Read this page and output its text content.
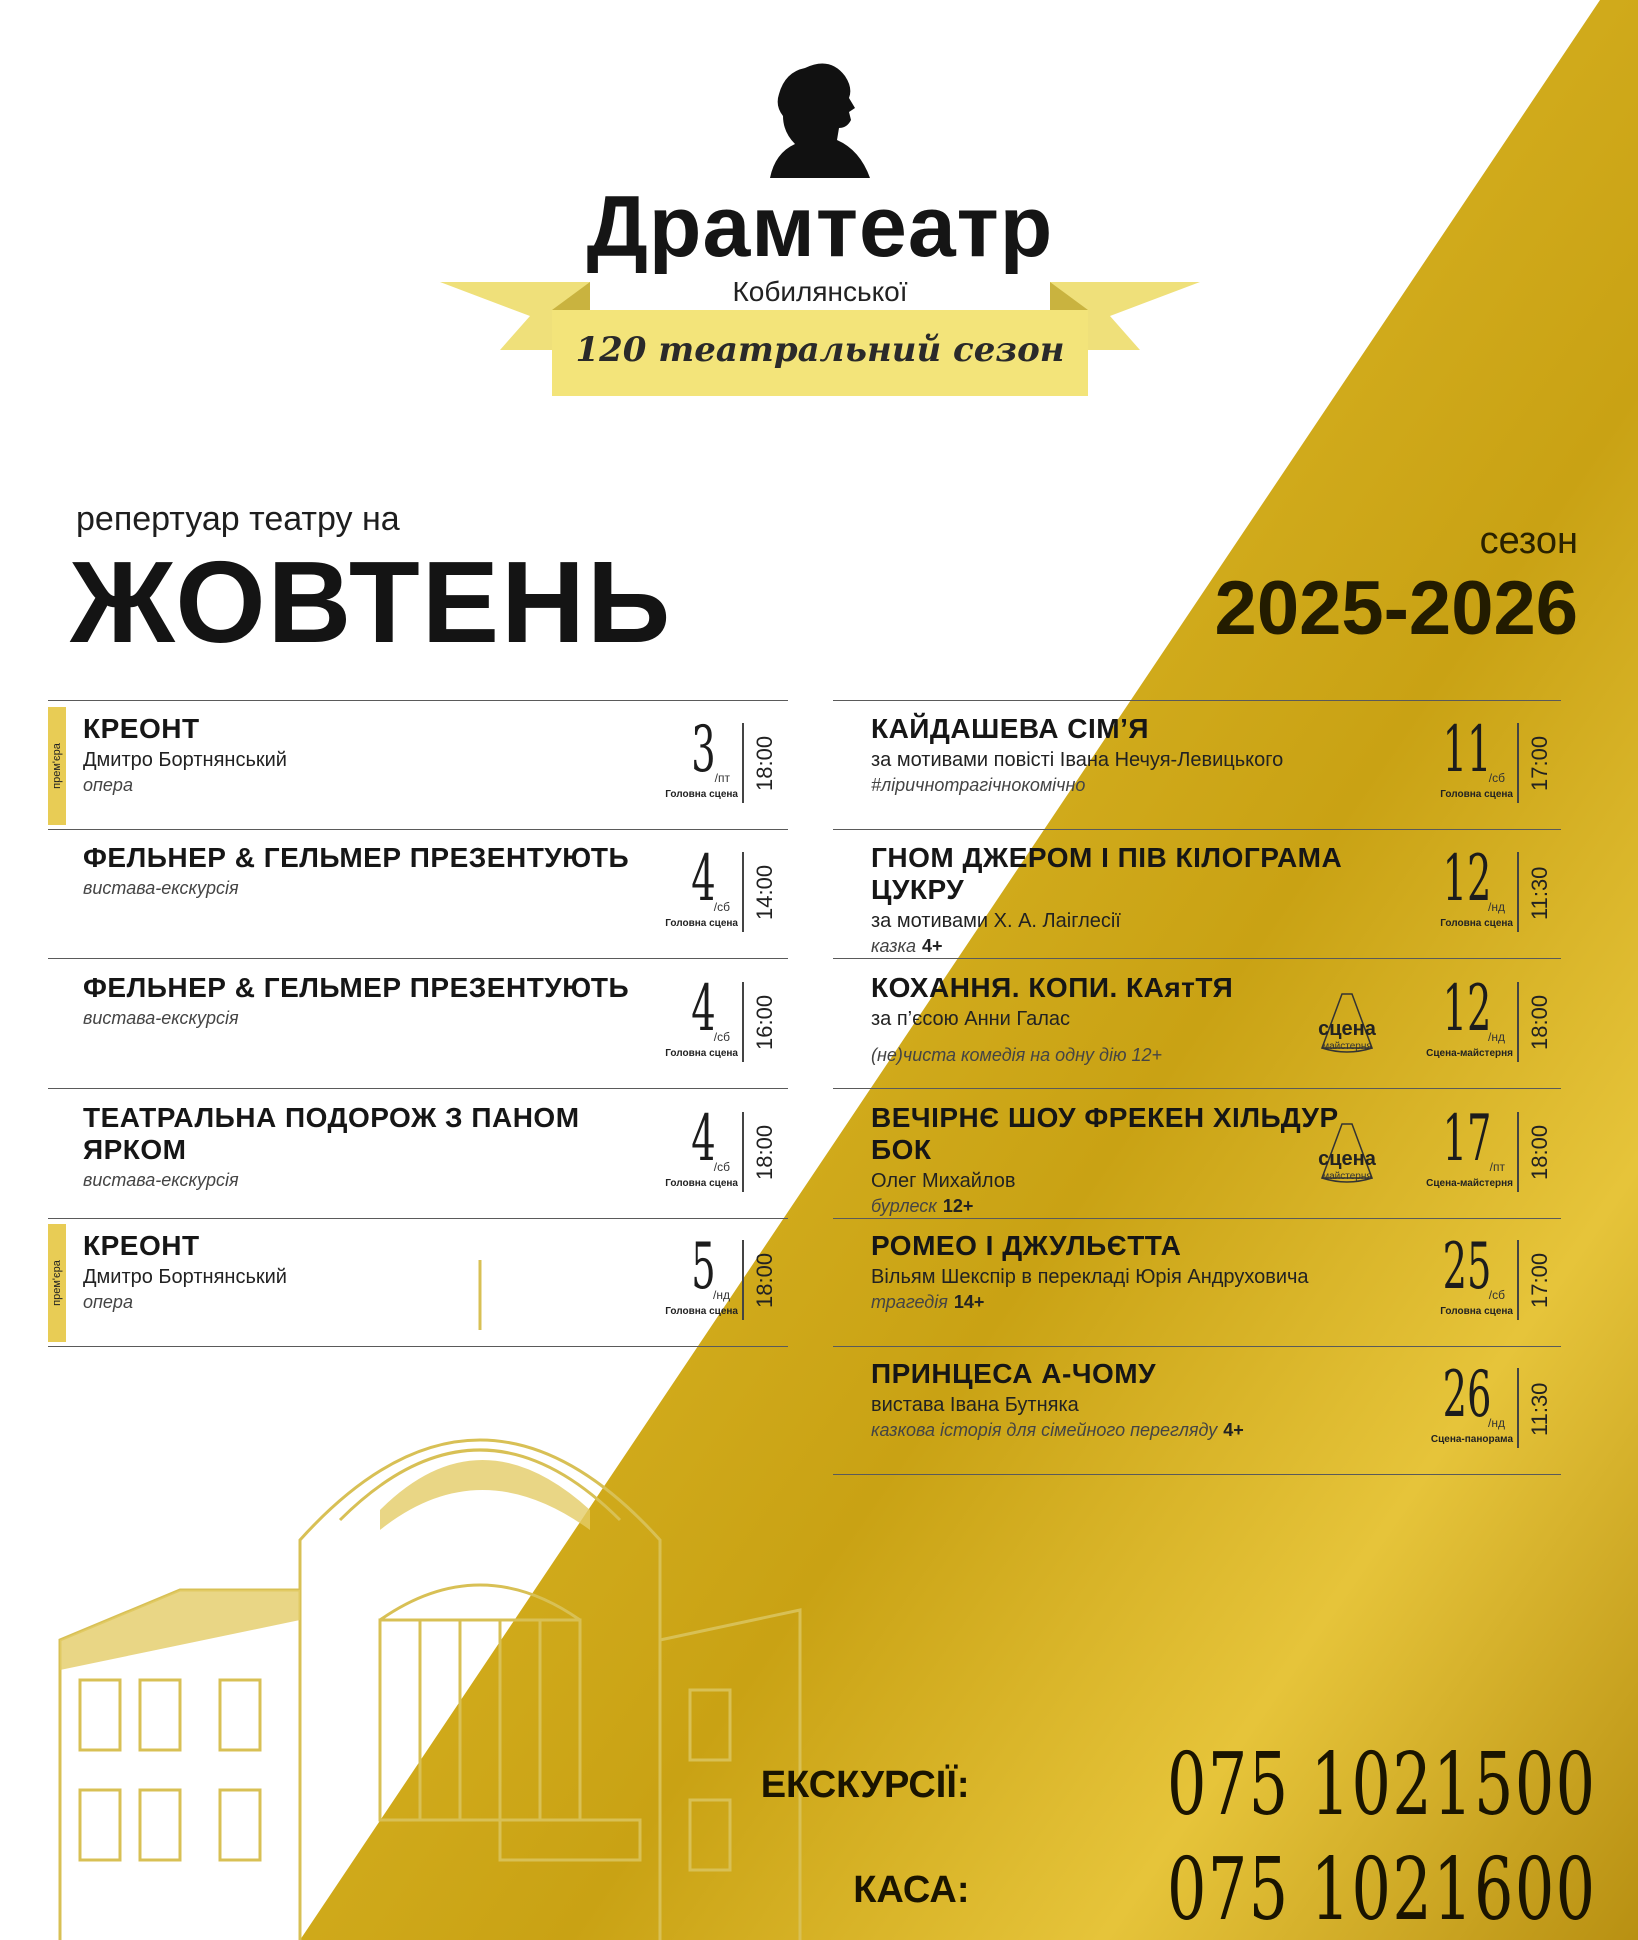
Драмтеатр
Кобилянської
120 театральний сезон
репертуар театру на
ЖОВТЕНЬ	сезон
2025-2026
прем'єра
КРЕОНТ
Дмитро Бортнянський
опера	3
/пт
Головна сцена
18:00
ФЕЛЬНЕР & ГЕЛЬМЕР ПРЕЗЕНТУЮТЬ
вистава-екскурсія	4
/сб
Головна сцена
14:00
ФЕЛЬНЕР & ГЕЛЬМЕР ПРЕЗЕНТУЮТЬ
вистава-екскурсія	4
/сб
Головна сцена
16:00
ТЕАТРАЛЬНА ПОДОРОЖ З ПАНОМ ЯРКОМ
вистава-екскурсія
4
/сб
Головна сцена
18:00
прем'єра
КРЕОНТ
Дмитро Бортнянський
опера	5
/нд
Головна сцена
18:00
КАЙДАШЕВА СІМ’Я
за мотивами повісті Івана Нечуя-Левицького
#ліричнотрагічнокомічно	11
/сб
Головна сцена
17:00
ГНОМ ДЖЕРОМ І ПІВ КІЛОГРАМА ЦУКРУ
за мотивами Х. А. Лаіглесії
казка 4+
12
/нд
Головна сцена
11:30
КОХАННЯ. КОПИ. КАятТЯ
за п’єсою Анни Галас
(не)чиста комедія на одну дію 12+
сцена
майстерня
12
/нд
Сцена-майстерня
18:00
ВЕЧІРНЄ ШОУ ФРЕКЕН ХІЛЬДУР БОК
Олег Михайлов
бурлеск 12+
сцена
майстерня
17
/пт
Сцена-майстерня
18:00
РОМЕО І ДЖУЛЬЄТТА
Вільям Шекспір в перекладі Юрія Андруховича
трагедія 14+	25
/сб
Головна сцена
17:00
ПРИНЦЕСА А-ЧОМУ
вистава Івана Бутняка
казкова історія для сімейного перегляду 4+	26
/нд
Сцена-панорама
11:30
ЕКСКУРСІЇ: 075 1021500
КАСА: 075 1021600
